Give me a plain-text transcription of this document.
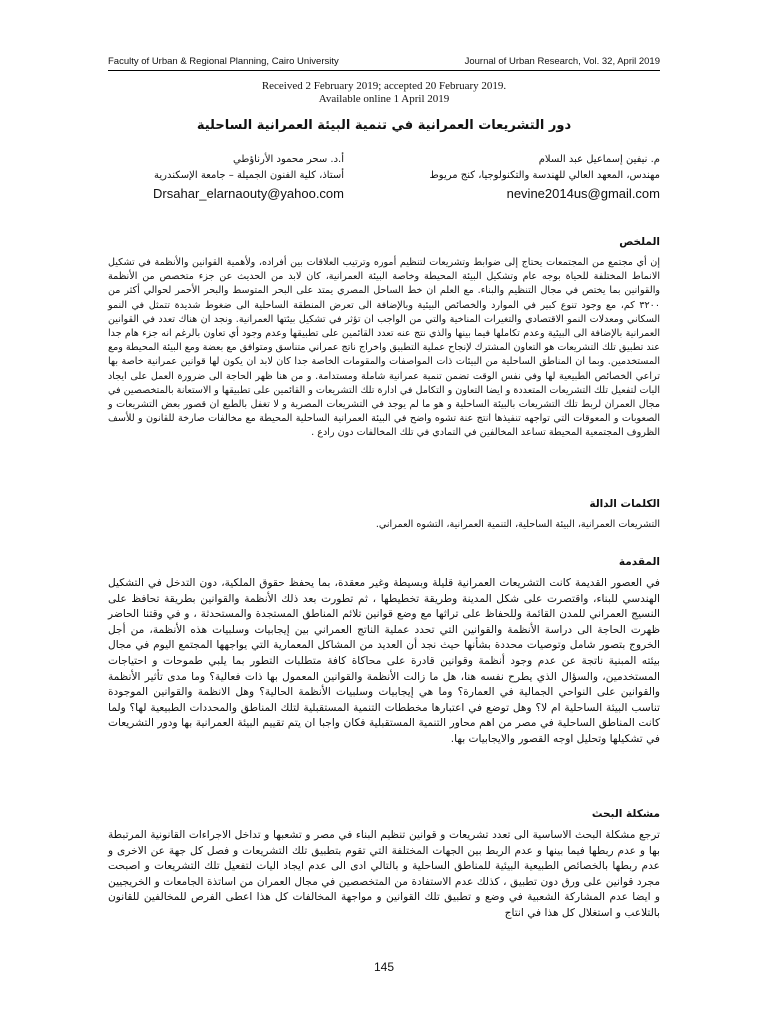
Faculty of Urban & Regional Planning, Cairo University	Journal of Urban Research, Vol. 32, April 2019
Received 2 February 2019; accepted 20 February 2019.
Available online 1 April 2019
دور التشريعات العمرانية في تنمية البيئة العمرانية الساحلية
م. نيفين إسماعيل عبد السلام
مهندس، المعهد العالي للهندسة والتكنولوجيا، كنج مريوط
nevine2014us@gmail.com
أ.د. سحر محمود الأرناؤطي
أستاذ، كلية الفنون الجميلة – جامعة الإسكندرية
Drsahar_elarnaouty@yahoo.com
الملخص

إن أي مجتمع من المجتمعات يحتاج إلى ضوابط وتشريعات لتنظيم أموره وترتيب العلاقات بين أفراده، ولأهمية القوانين والأنظمة في تشكيل الانماط المختلفة للحياة بوجه عام وتشكيل البيئة المحيطة وخاصة البيئة العمرانية، كان لابد من الحديث عن جزء متخصص من الأنظمة والقوانين بما يختص في مجال التنظيم والبناء. مع العلم ان خط الساحل المصري يمتد على البحر المتوسط والبحر الأحمر لحوالي أكثر من ٣٢٠٠ كم، مع وجود تنوع كبير في الموارد والخصائص البيئية وبالإضافة الى تعرض المنطقة الساحلية الى ضغوط شديدة تتمثل في النمو السكاني ومعدلات النمو الاقتصادي والتغيرات المناخية والتي من الواجب ان تؤثر في تشكيل بيئتها العمرانية. ونجد ان هناك تعدد في القوانين العمرانية بالإضافة الى البيئية وعدم تكاملها فيما بينها والذي نتج عنه تعدد القائمين على تطبيقها وعدم وجود أي تعاون بالرغم انه جزء هام جدا عند تطبيق تلك التشريعات هو التعاون المشترك لإنجاح عملية التطبيق واخراج ناتج عمراني متناسق ومتوافق مع بعضة ومع البيئة المحيطة ومع المستخدمين. وبما ان المناطق الساحلية من البيئات ذات المواصفات والمقومات الخاصة جدا كان لابد ان يكون لها قوانين عمرانية خاصة بها تراعي الخصائص الطبيعية لها وفي نفس الوقت تضمن تنمية عمرانية شاملة ومستدامة. و من هنا ظهر الحاجة الى ضرورة العمل على ايجاد اليات لتفعيل تلك التشريعات المتعددة و ايضا التعاون و التكامل في ادارة تلك التشريعات و القائمين على تطبيقها و الاستعانة بالمتخصصين في مجال العمران لربط تلك التشريعات بالبيئة الساحلية و هو ما لم يوجد في التشريعات المصرية و لا تغفل بالطبع ان قصور بعض التشريعات و الصعوبات و المعوقات التي تواجهه تنفيذها انتج عنة تشوه واضح في البيئة العمرانية الساحلية المحيطة مع مخالفات صارخة للقانون و للأسف الظروف المجتمعية المحيطة تساعد المخالفين في التمادي في تلك المخالفات دون رادع .

الكلمات الدالة

التشريعات العمرانية، البيئة الساحلية، التنمية العمرانية، التشوه العمراني.

المقدمة

في العصور القديمة كانت التشريعات العمرانية قليلة وبسيطة وغير معقدة، بما يحفظ حقوق الملكية، دون التدخل في التشكيل الهندسي للبناء، واقتصرت على شكل المدينة وطريقة تخطيطها ، ثم تطورت بعد ذلك الأنظمة والقوانين بطريقة تحافظ على النسيج العمراني للمدن القائمة وللحفاظ على تراثها مع وضع قوانين تلائم المناطق المستجدة والمستحدثة ، و في وقتنا الحاضر ظهرت الحاجة الى دراسة الأنظمة والقوانين التي تحدد عملية الناتج العمراني بين إيجابيات وسلبيات هذه الأنظمة، من أجل الخروج بتصور شامل وتوصيات محددة بشأنها حيث نجد أن العديد من المشاكل المعمارية التي يواجهها المجتمع اليوم في مجال بيئته المبنية ناتجة عن عدم وجود أنظمة وقوانين قادرة على محاكاة كافة متطلبات التطور بما يلبي طموحات و احتياجات المستخدمين، والسؤال الذي يطرح نفسه هنا، هل ما زالت الأنظمة والقوانين المعمول بها ذات فعالية؟ وما مدى تأثير الأنظمة والقوانين على النواحي الجمالية في العمارة؟ وما هي إيجابيات وسلبيات الأنظمة الحالية؟ وهل الانظمة والقوانين الموجودة تناسب البيئة الساحلية ام لا؟ وهل توضع في اعتبارها مخططات التنمية المستقبلية لتلك المناطق والمحددات الطبيعية لها؟ ولما كانت المناطق الساحلية في مصر من اهم محاور التنمية المستقبلية فكان واجبا ان يتم تقييم البيئة العمرانية بها ودور التشريعات في تشكيلها وتحليل اوجه القصور والايجابيات بها.

مشكلة البحث

ترجع مشكلة البحث الاساسية الى تعدد تشريعات و قوانين تنظيم البناء في مصر و تشعبها و تداخل الاجراءات القانونية المرتبطة بها و عدم ربطها فيما بينها و عدم الربط بين الجهات المختلفة التي تقوم بتطبيق تلك التشريعات و فصل كل جهة عن الاخرى و عدم ربطها بالخصائص الطبيعية البيئية للمناطق الساحلية و بالتالي ادى الى عدم ايجاد اليات لتفعيل تلك التشريعات و اصبحت مجرد قوانين على ورق دون تطبيق ، كذلك عدم الاستفادة من المتخصصين في مجال العمران من اساتذة الجامعات و الخريجيين و ايضا عدم المشاركة الشعبية في وضع و تطبيق تلك القوانين و مواجهة المخالفات كل هذا اعطى الفرص للمخالفين للقانون بالتلاعب و استغلال كل هذا في انتاج

145
